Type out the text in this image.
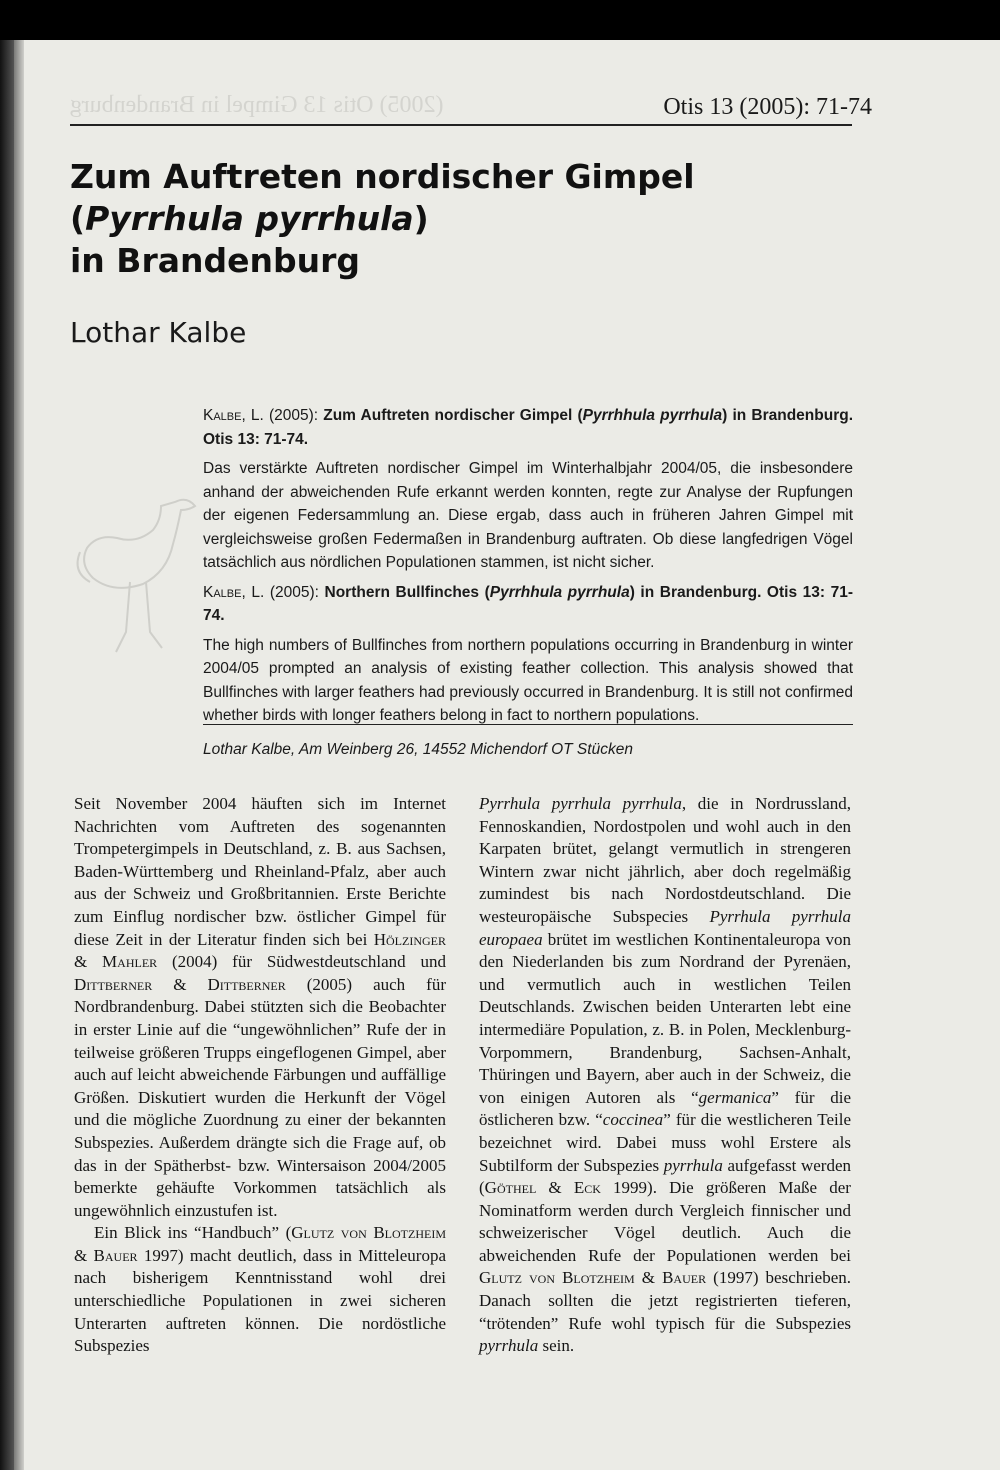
(2005) Otis 13 Gimpel in Brandenburg	Otis 13 (2005): 71-74
Zum Auftreten nordischer Gimpel (Pyrrhula pyrrhula)
in Brandenburg
Lothar Kalbe

Kalbe, L. (2005): Zum Auftreten nordischer Gimpel (Pyrrhhula pyrrhula) in Brandenburg. Otis 13: 71-74.

Das verstärkte Auftreten nordischer Gimpel im Winterhalbjahr 2004/05, die insbesondere anhand der abweichenden Rufe erkannt werden konnten, regte zur Analyse der Rupfungen der eigenen Federsammlung an. Diese ergab, dass auch in früheren Jahren Gimpel mit vergleichsweise großen Federmaßen in Brandenburg auftraten. Ob diese langfedrigen Vögel tatsächlich aus nördlichen Populationen stammen, ist nicht sicher.

Kalbe, L. (2005): Northern Bullfinches (Pyrrhhula pyrrhula) in Brandenburg. Otis 13: 71-74.

The high numbers of Bullfinches from northern populations occurring in Brandenburg in winter 2004/05 prompted an analysis of existing feather collection. This analysis showed that Bullfinches with larger feathers had previously occurred in Brandenburg. It is still not confirmed whether birds with longer feathers belong in fact to northern populations.

Lothar Kalbe, Am Weinberg 26, 14552 Michendorf OT Stücken

Seit November 2004 häuften sich im Internet Nachrichten vom Auftreten des sogenannten Trompetergimpels in Deutschland, z. B. aus Sachsen, Baden-Württemberg und Rheinland-Pfalz, aber auch aus der Schweiz und Großbritannien. Erste Berichte zum Einflug nordischer bzw. östlicher Gimpel für diese Zeit in der Literatur finden sich bei Hölzinger & Mahler (2004) für Südwestdeutschland und Dittberner & Dittberner (2005) auch für Nordbrandenburg. Dabei stützten sich die Beobachter in erster Linie auf die “ungewöhnlichen” Rufe der in teilweise größeren Trupps eingeflogenen Gimpel, aber auch auf leicht abweichende Färbungen und auffällige Größen. Diskutiert wurden die Herkunft der Vögel und die mögliche Zuordnung zu einer der bekannten Subspezies. Außerdem drängte sich die Frage auf, ob das in der Spätherbst- bzw. Wintersaison 2004/2005 bemerkte gehäufte Vorkommen tatsächlich als ungewöhnlich einzustufen ist.

Ein Blick ins “Handbuch” (Glutz von Blotzheim & Bauer 1997) macht deutlich, dass in Mitteleuropa nach bisherigem Kenntnisstand wohl drei unterschiedliche Populationen in zwei sicheren Unterarten auftreten können. Die nordöstliche Subspezies

Pyrrhula pyrrhula pyrrhula, die in Nordrussland, Fennoskandien, Nordostpolen und wohl auch in den Karpaten brütet, gelangt vermutlich in strengeren Wintern zwar nicht jährlich, aber doch regelmäßig zumindest bis nach Nordostdeutschland. Die westeuropäische Subspecies Pyrrhula pyrrhula europaea brütet im westlichen Kontinentaleuropa von den Niederlanden bis zum Nordrand der Pyrenäen, und vermutlich auch in westlichen Teilen Deutschlands. Zwischen beiden Unterarten lebt eine intermediäre Population, z. B. in Polen, Mecklenburg-Vorpommern, Brandenburg, Sachsen-Anhalt, Thüringen und Bayern, aber auch in der Schweiz, die von einigen Autoren als “germanica” für die östlicheren bzw. “coccinea” für die westlicheren Teile bezeichnet wird. Dabei muss wohl Erstere als Subtilform der Subspezies pyrrhula aufgefasst werden (Göthel & Eck 1999). Die größeren Maße der Nominatform werden durch Vergleich finnischer und schweizerischer Vögel deutlich. Auch die abweichenden Rufe der Populationen werden bei Glutz von Blotzheim & Bauer (1997) beschrieben. Danach sollten die jetzt registrierten tieferen, “trötenden” Rufe wohl typisch für die Subspezies pyrrhula sein.
